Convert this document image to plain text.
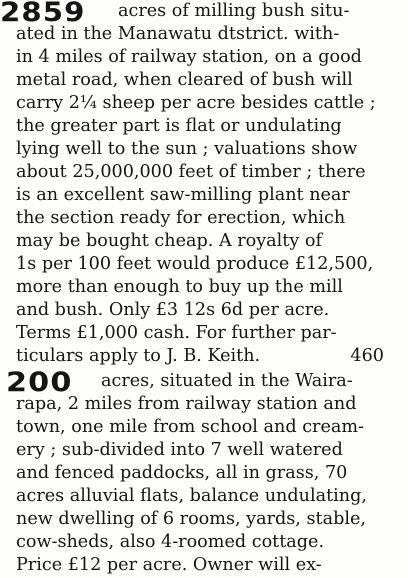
2859 acres of milling bush situ-
ated in the Manawatu dtstrict. with-
in 4 miles of railway station, on a good
metal road, when cleared of bush will
carry 2¼ sheep per acre besides cattle ;
the greater part is flat or undulating
lying well to the sun ; valuations show
about 25,000,000 feet of timber ; there
is an excellent saw-milling plant near
the section ready for erection, which
may be bought cheap. A royalty of
1s per 100 feet would produce £12,500,
more than enough to buy up the mill
and bush. Only £3 12s 6d per acre.
Terms £1,000 cash. For further par-
ticulars apply to J. B. Keith.	460
200 acres, situated in the Waira-
rapa, 2 miles from railway station and
town, one mile from school and cream-
ery ; sub-divided into 7 well watered
and fenced paddocks, all in grass, 70
acres alluvial flats, balance undulating,
new dwelling of 6 rooms, yards, stable,
cow-sheds, also 4-roomed cottage.
Price £12 per acre. Owner will ex-
